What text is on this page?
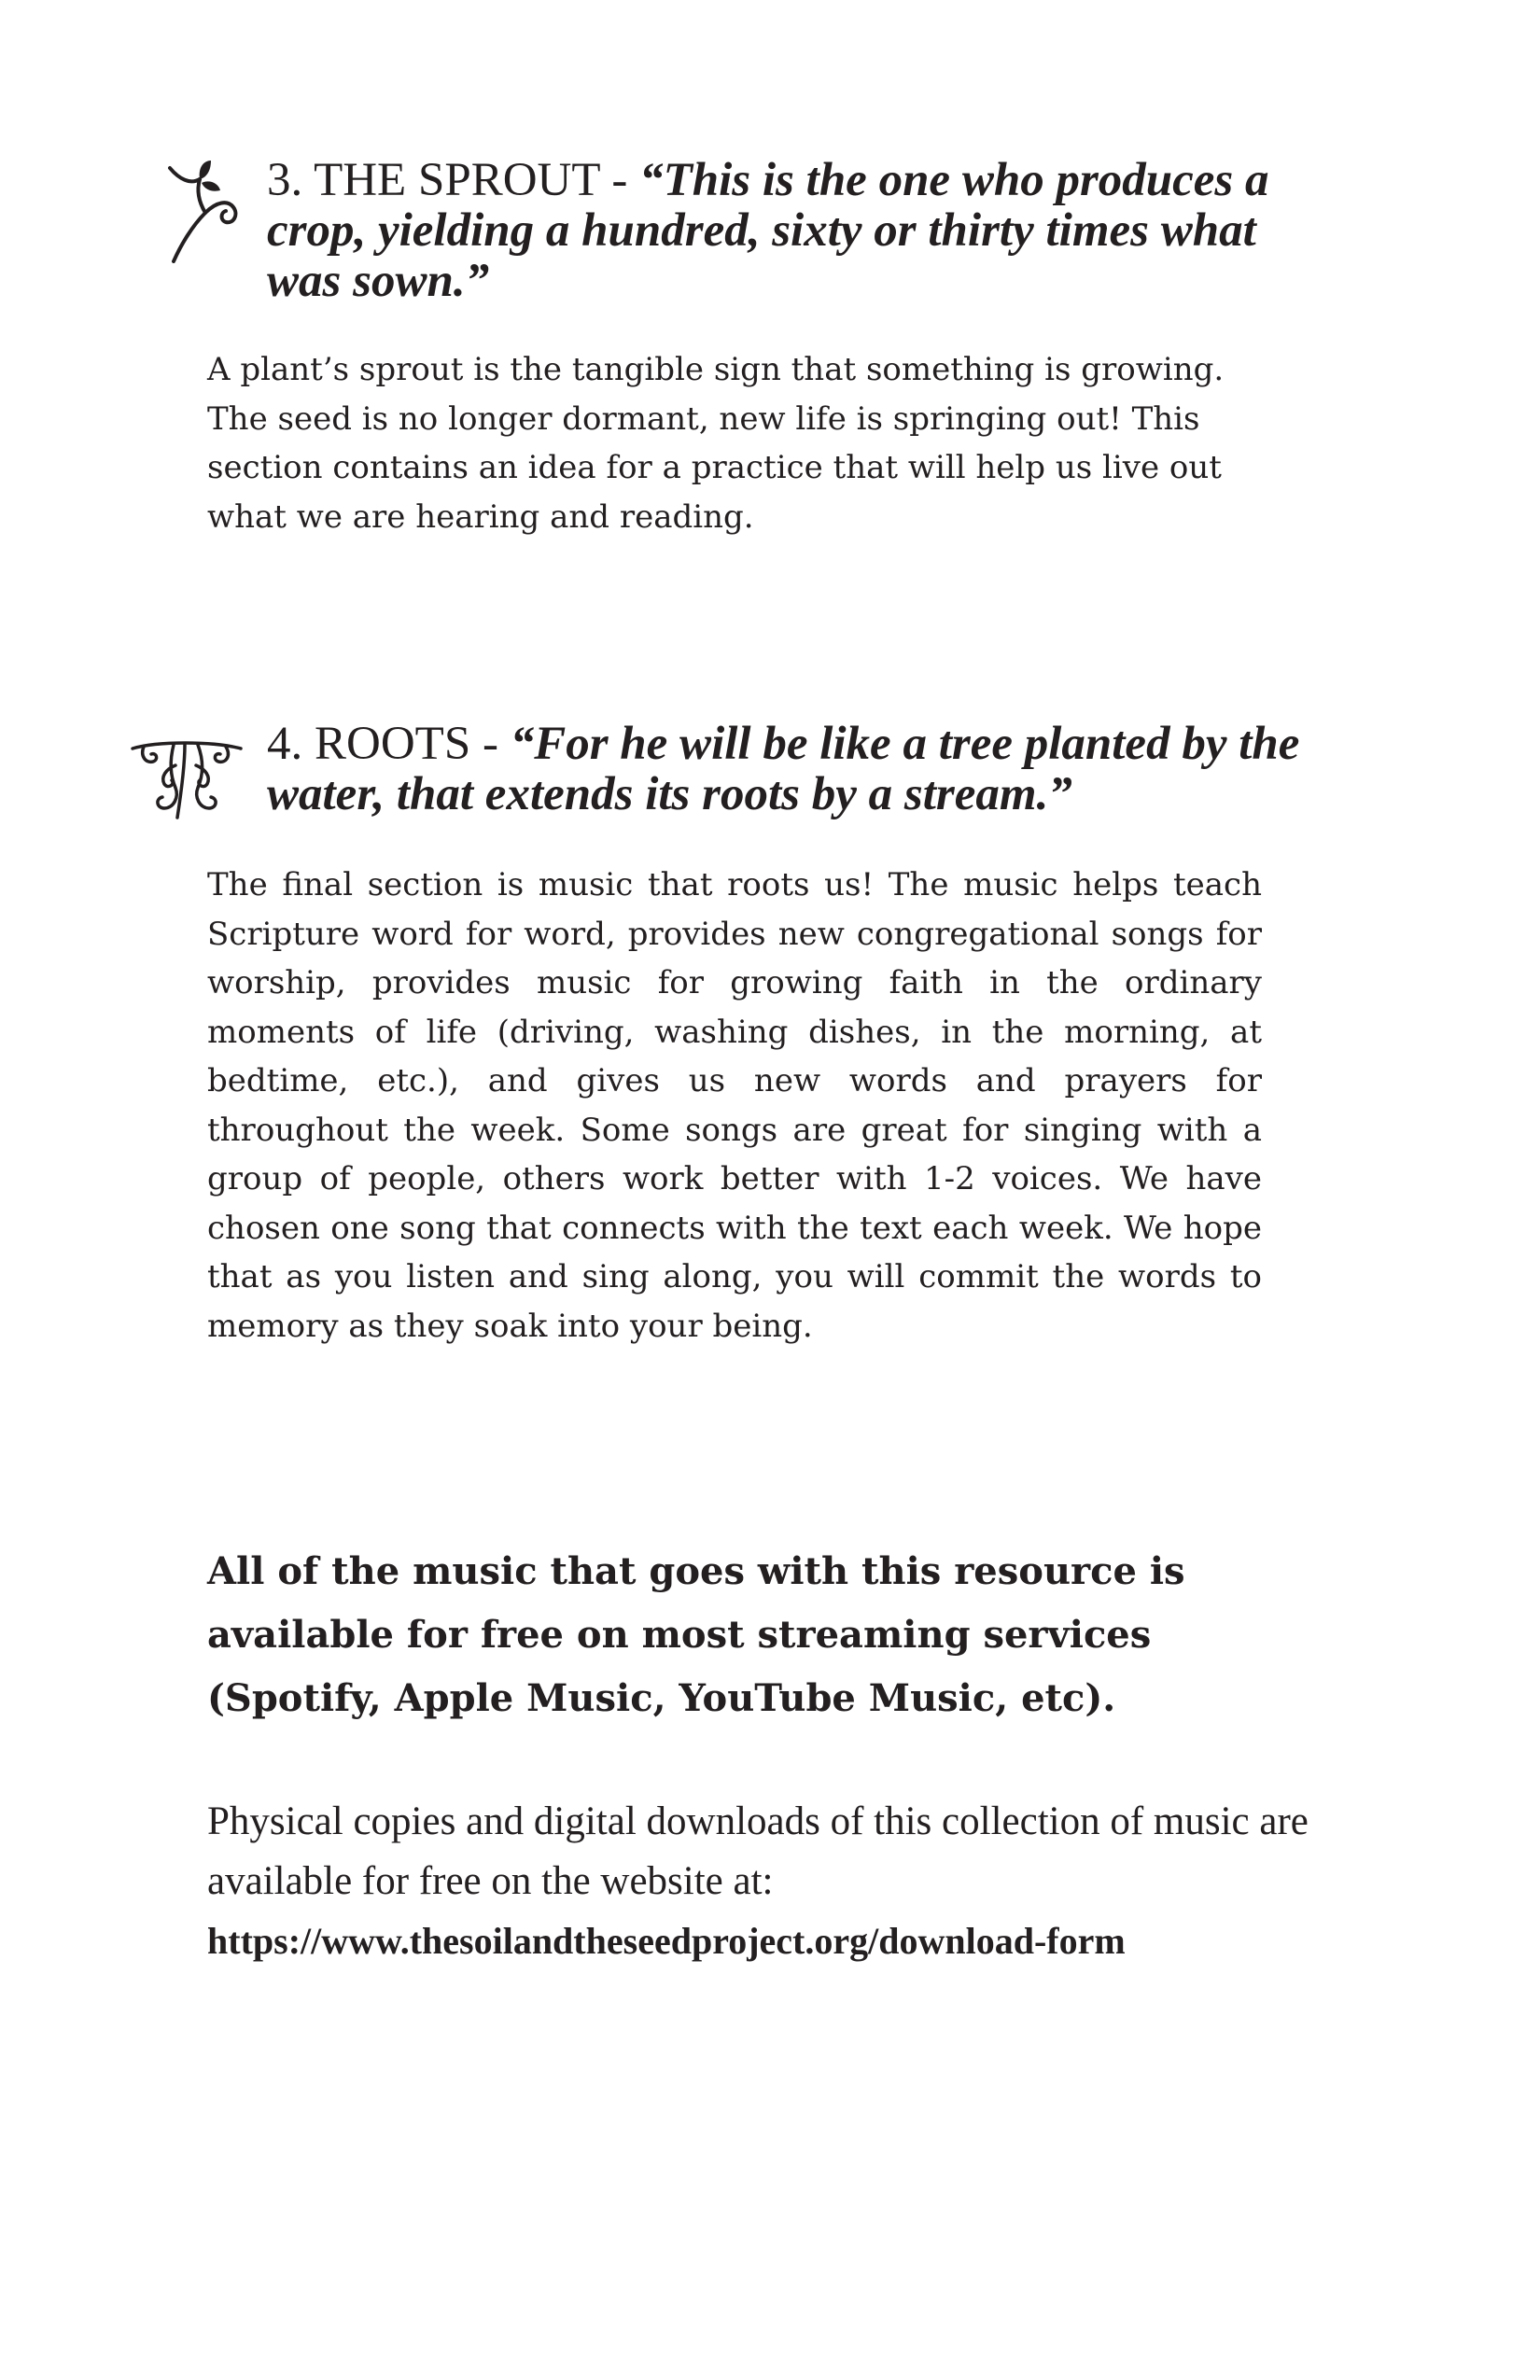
3. THE SPROUT - “This is the one who produces a crop, yielding a hundred, sixty or thirty times what was sown.”

A plant’s sprout is the tangible sign that something is growing. The seed is no longer dormant, new life is springing out! This section contains an idea for a practice that will help us live out what we are hearing and reading.

4. ROOTS - “For he will be like a tree planted by the water, that extends its roots by a stream.”

The final section is music that roots us! The music helps teach Scripture word for word, provides new congregational songs for worship, provides music for growing faith in the ordinary moments of life (driving, washing dishes, in the morning, at bedtime, etc.), and gives us new words and prayers for throughout the week. Some songs are great for singing with a group of people, others work better with 1-2 voices. We have chosen one song that connects with the text each week. We hope that as you listen and sing along, you will commit the words to memory as they soak into your being.

All of the music that goes with this resource is available for free on most streaming services (Spotify, Apple Music, YouTube Music, etc).

Physical copies and digital downloads of this collection of music are available for free on the website at:
https://www.thesoilandtheseedproject.org/download-form
